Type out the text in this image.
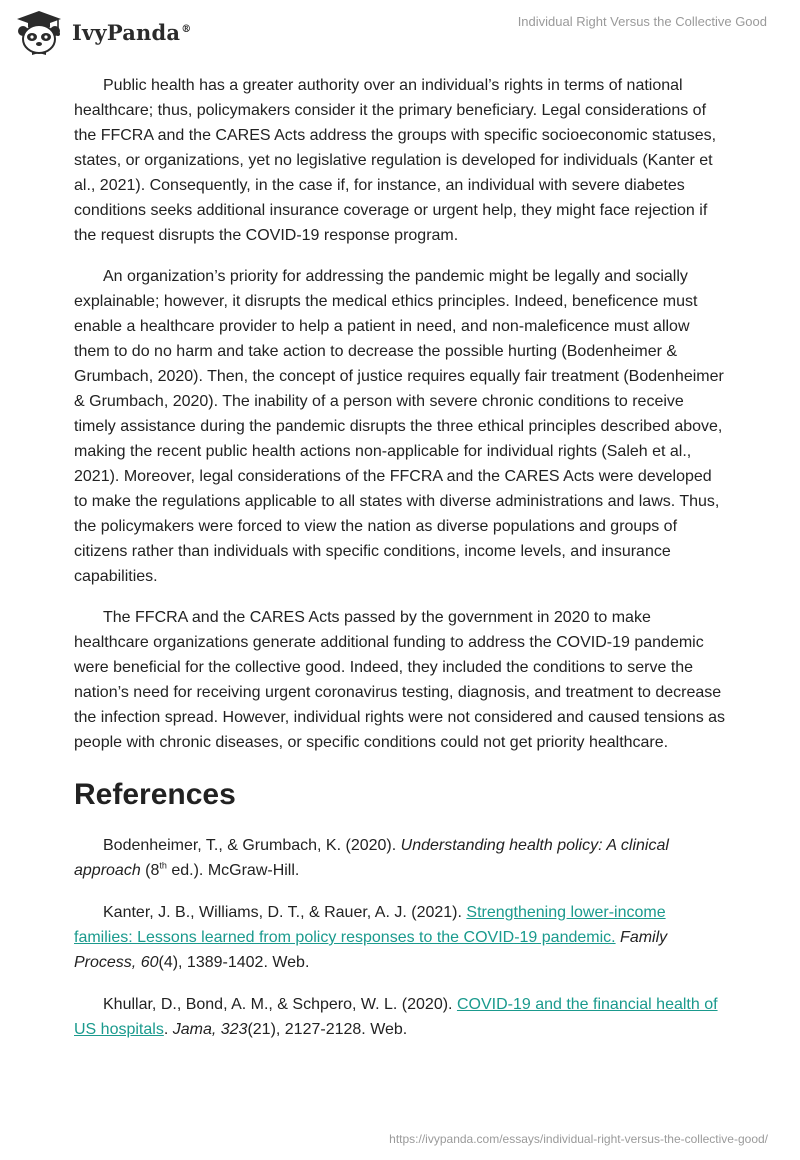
IvyPanda®	Individual Right Versus the Collective Good

Public health has a greater authority over an individual’s rights in terms of national healthcare; thus, policymakers consider it the primary beneficiary. Legal considerations of the FFCRA and the CARES Acts address the groups with specific socioeconomic statuses, states, or organizations, yet no legislative regulation is developed for individuals (Kanter et al., 2021). Consequently, in the case if, for instance, an individual with severe diabetes conditions seeks additional insurance coverage or urgent help, they might face rejection if the request disrupts the COVID-19 response program.

An organization’s priority for addressing the pandemic might be legally and socially explainable; however, it disrupts the medical ethics principles. Indeed, beneficence must enable a healthcare provider to help a patient in need, and non-maleficence must allow them to do no harm and take action to decrease the possible hurting (Bodenheimer & Grumbach, 2020). Then, the concept of justice requires equally fair treatment (Bodenheimer & Grumbach, 2020). The inability of a person with severe chronic conditions to receive timely assistance during the pandemic disrupts the three ethical principles described above, making the recent public health actions non-applicable for individual rights (Saleh et al., 2021). Moreover, legal considerations of the FFCRA and the CARES Acts were developed to make the regulations applicable to all states with diverse administrations and laws. Thus, the policymakers were forced to view the nation as diverse populations and groups of citizens rather than individuals with specific conditions, income levels, and insurance capabilities.

The FFCRA and the CARES Acts passed by the government in 2020 to make healthcare organizations generate additional funding to address the COVID-19 pandemic were beneficial for the collective good. Indeed, they included the conditions to serve the nation’s need for receiving urgent coronavirus testing, diagnosis, and treatment to decrease the infection spread. However, individual rights were not considered and caused tensions as people with chronic diseases, or specific conditions could not get priority healthcare.

References

Bodenheimer, T., & Grumbach, K. (2020). Understanding health policy: A clinical approach (8th ed.). McGraw-Hill.

Kanter, J. B., Williams, D. T., & Rauer, A. J. (2021). Strengthening lower-income families: Lessons learned from policy responses to the COVID-19 pandemic. Family Process, 60(4), 1389-1402. Web.

Khullar, D., Bond, A. M., & Schpero, W. L. (2020). COVID-19 and the financial health of US hospitals. Jama, 323(21), 2127-2128. Web.

https://ivypanda.com/essays/individual-right-versus-the-collective-good/
